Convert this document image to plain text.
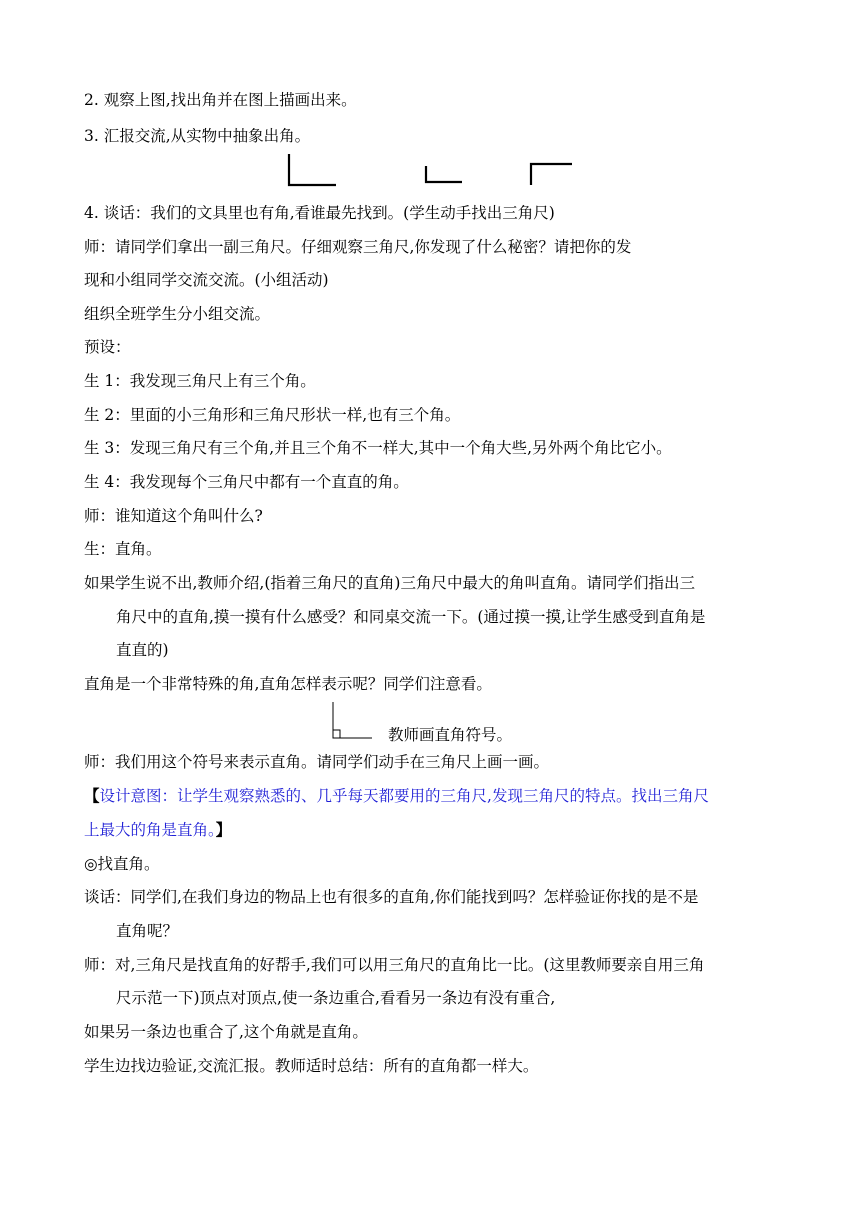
2. 观察上图,找出角并在图上描画出来。
3. 汇报交流,从实物中抽象出角。
4. 谈话：我们的文具里也有角,看谁最先找到。(学生动手找出三角尺)
师：请同学们拿出一副三角尺。仔细观察三角尺,你发现了什么秘密？请把你的发
现和小组同学交流交流。(小组活动)
组织全班学生分小组交流。
预设：
生 1：我发现三角尺上有三个角。
生 2：里面的小三角形和三角尺形状一样,也有三个角。
生 3：发现三角尺有三个角,并且三个角不一样大,其中一个角大些,另外两个角比它小。
生 4：我发现每个三角尺中都有一个直直的角。
师：谁知道这个角叫什么?
生：直角。
如果学生说不出,教师介绍,(指着三角尺的直角)三角尺中最大的角叫直角。请同学们指出三
角尺中的直角,摸一摸有什么感受？和同桌交流一下。(通过摸一摸,让学生感受到直角是
直直的)
直角是一个非常特殊的角,直角怎样表示呢？同学们注意看。
教师画直角符号。
师：我们用这个符号来表示直角。请同学们动手在三角尺上画一画。
【设计意图：让学生观察熟悉的、几乎每天都要用的三角尺,发现三角尺的特点。找出三角尺
上最大的角是直角。】
◎找直角。
谈话：同学们,在我们身边的物品上也有很多的直角,你们能找到吗？怎样验证你找的是不是
直角呢？
师：对,三角尺是找直角的好帮手,我们可以用三角尺的直角比一比。(这里教师要亲自用三角
尺示范一下)顶点对顶点,使一条边重合,看看另一条边有没有重合,
如果另一条边也重合了,这个角就是直角。
学生边找边验证,交流汇报。教师适时总结：所有的直角都一样大。
